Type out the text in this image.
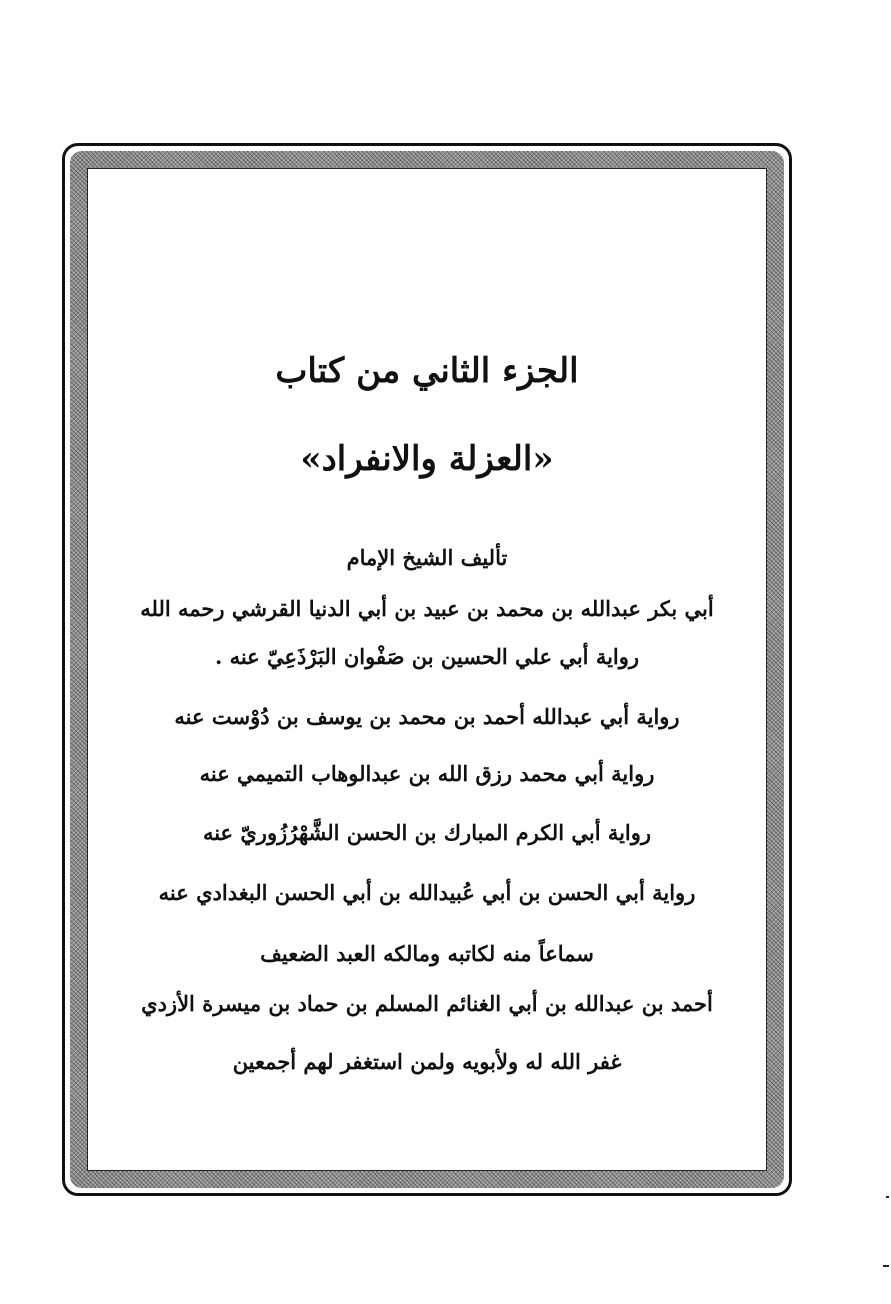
الجزء الثاني من كتاب
«العزلة والانفراد»
تأليف الشيخ الإمام
أبي بكر عبدالله بن محمد بن عبيد بن أبي الدنيا القرشي رحمه الله
رواية أبي علي الحسين بن صَفْوان البَرْذَعِيّ عنه .
رواية أبي عبدالله أحمد بن محمد بن يوسف بن دُوْست عنه
رواية أبي محمد رزق الله بن عبدالوهاب التميمي عنه
رواية أبي الكرم المبارك بن الحسن الشَّهْرُزُوريّ عنه
رواية أبي الحسن بن أبي عُبيدالله بن أبي الحسن البغدادي عنه
سماعاً منه لكاتبه ومالكه العبد الضعيف
أحمد بن عبدالله بن أبي الغنائم المسلم بن حماد بن ميسرة الأزدي
غفر الله له ولأبويه ولمن استغفر لهم أجمعين
